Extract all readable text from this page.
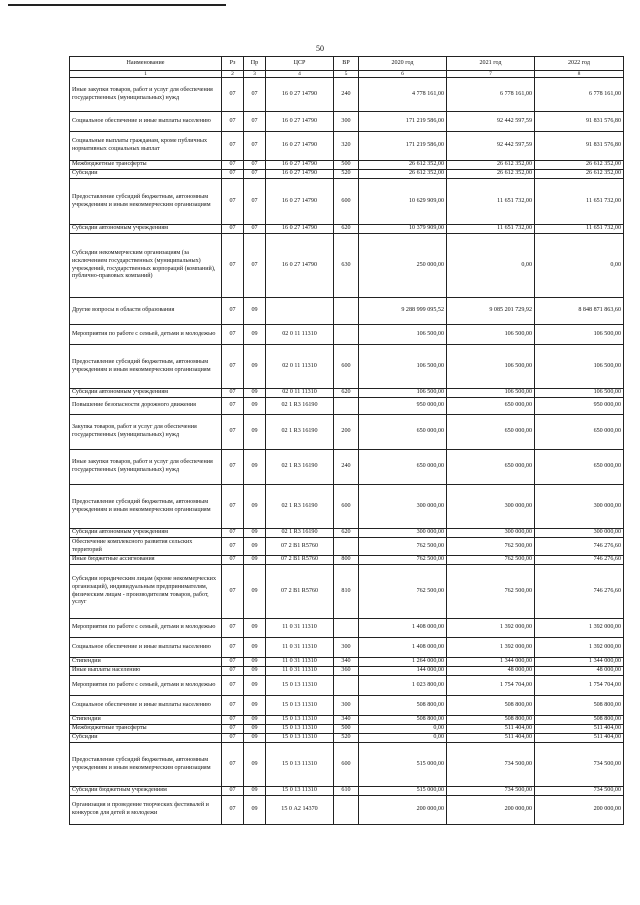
50
Наименование	Рз	Пр	ЦСР	ВР	2020 год	2021 год	2022 год
1	2	3	4	5	6	7	8
Иные закупки товаров, работ и услуг для обеспечения государственных (муниципальных) нужд	07	07	16 0 27 14790	240	4 778 161,00	6 778 161,00	6 778 161,00
Социальное обеспечение и иные выплаты населению	07	07	16 0 27 14790	300	171 219 586,00	92 442 597,59	91 831 576,80
Социальные выплаты гражданам, кроме публичных нормативных социальных выплат	07	07	16 0 27 14790	320	171 219 586,00	92 442 597,59	91 831 576,80
Межбюджетные трансферты	07	07	16 0 27 14790	500	26 612 352,00	26 612 352,00	26 612 352,00
Субсидии	07	07	16 0 27 14790	520	26 612 352,00	26 612 352,00	26 612 352,00
Предоставление субсидий бюджетным, автономным учреждениям и иным некоммерческим организациям	07	07	16 0 27 14790	600	10 629 909,00	11 651 732,00	11 651 732,00
Субсидии автономным учреждениям	07	07	16 0 27 14790	620	10 379 909,00	11 651 732,00	11 651 732,00
Субсидии некоммерческим организациям (за исключением государственных (муниципальных) учреждений, государственных корпораций (компаний), публично-правовых компаний)	07	07	16 0 27 14790	630	250 000,00	0,00	0,00
Другие вопросы в области образования	07	09			9 288 999 095,52	9 085 201 729,92	8 848 871 863,60
Мероприятия по работе с семьей, детьми и молодежью	07	09	02 0 11 11310		106 500,00	106 500,00	106 500,00
Предоставление субсидий бюджетным, автономным учреждениям и иным некоммерческим организациям	07	09	02 0 11 11310	600	106 500,00	106 500,00	106 500,00
Субсидии автономным учреждениям	07	09	02 0 11 11310	620	106 500,00	106 500,00	106 500,00
Повышение безопасности дорожного движения	07	09	02 1 R3 16190		950 000,00	650 000,00	950 000,00
Закупка товаров, работ и услуг для обеспечения государственных (муниципальных) нужд	07	09	02 1 R3 16190	200	650 000,00	650 000,00	650 000,00
Иные закупки товаров, работ и услуг для обеспечения государственных (муниципальных) нужд	07	09	02 1 R3 16190	240	650 000,00	650 000,00	650 000,00
Предоставление субсидий бюджетным, автономным учреждениям и иным некоммерческим организациям	07	09	02 1 R3 16190	600	300 000,00	300 000,00	300 000,00
Субсидии автономным учреждениям	07	09	02 1 R3 16190	620	300 000,00	300 000,00	300 000,00
Обеспечение комплексного развития сельских территорий	07	09	07 2 В1 R5760		762 500,00	762 500,00	746 276,60
Иные бюджетные ассигнования	07	09	07 2 В1 R5760	800	762 500,00	762 500,00	746 276,60
Субсидии юридическим лицам (кроме некоммерческих организаций), индивидуальным предпринимателям, физическим лицам - производителям товаров, работ, услуг	07	09	07 2 В1 R5760	810	762 500,00	762 500,00	746 276,60
Мероприятия по работе с семьей, детьми и молодежью	07	09	11 0 31 11310		1 408 000,00	1 392 000,00	1 392 000,00
Социальное обеспечение и иные выплаты населению	07	09	11 0 31 11310	300	1 408 000,00	1 392 000,00	1 392 000,00
Стипендии	07	09	11 0 31 11310	340	1 264 000,00	1 344 000,00	1 344 000,00
Иные выплаты населению	07	09	11 0 31 11310	360	144 000,00	48 000,00	48 000,00
Мероприятия по работе с семьей, детьми и молодежью	07	09	15 0 13 11310		1 023 800,00	1 754 704,00	1 754 704,00
Социальное обеспечение и иные выплаты населению	07	09	15 0 13 11310	300	508 800,00	508 800,00	508 800,00
Стипендии	07	09	15 0 13 11310	340	508 800,00	508 800,00	508 800,00
Межбюджетные трансферты	07	09	15 0 13 11310	500	0,00	511 404,00	511 404,00
Субсидии	07	09	15 0 13 11310	520	0,00	511 404,00	511 404,00
Предоставление субсидий бюджетным, автономным учреждениям и иным некоммерческим организациям	07	09	15 0 13 11310	600	515 000,00	734 500,00	734 500,00
Субсидии бюджетным учреждениям	07	09	15 0 13 11310	610	515 000,00	734 500,00	734 500,00
Организация и проведение творческих фестивалей и конкурсов для детей и молодежи	07	09	15 0 А2 14370		200 000,00	200 000,00	200 000,00
